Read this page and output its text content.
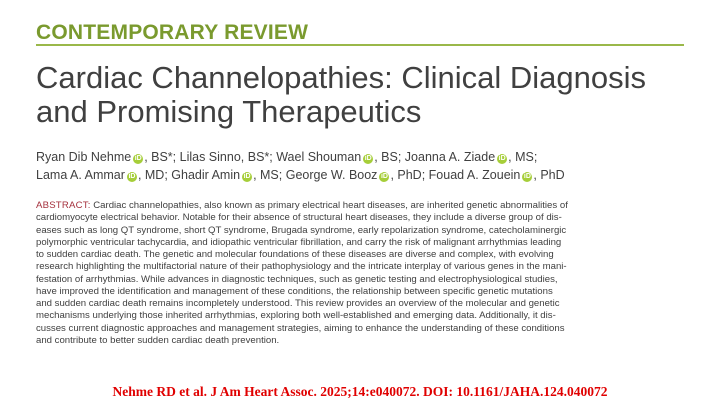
CONTEMPORARY REVIEW
Cardiac Channelopathies: Clinical Diagnosis
and Promising Therapeutics
Ryan Dib Nehme iD , BS*; Lilas Sinno, BS*; Wael Shouman iD , BS; Joanna A. Ziade iD , MS;
Lama A. Ammar iD , MD; Ghadir Amin iD , MS; George W. Booz iD , PhD; Fouad A. Zouein iD , PhD
ABSTRACT: Cardiac channelopathies, also known as primary electrical heart diseases, are inherited genetic abnormalities of
cardiomyocyte electrical behavior. Notable for their absence of structural heart diseases, they include a diverse group of dis-
eases such as long QT syndrome, short QT syndrome, Brugada syndrome, early repolarization syndrome, catecholaminergic
polymorphic ventricular tachycardia, and idiopathic ventricular fibrillation, and carry the risk of malignant arrhythmias leading
to sudden cardiac death. The genetic and molecular foundations of these diseases are diverse and complex, with evolving
research highlighting the multifactorial nature of their pathophysiology and the intricate interplay of various genes in the mani-
festation of arrhythmias. While advances in diagnostic techniques, such as genetic testing and electrophysiological studies,
have improved the identification and management of these conditions, the relationship between specific genetic mutations
and sudden cardiac death remains incompletely understood. This review provides an overview of the molecular and genetic
mechanisms underlying those inherited arrhythmias, exploring both well-established and emerging data. Additionally, it dis-
cusses current diagnostic approaches and management strategies, aiming to enhance the understanding of these conditions
and contribute to better sudden cardiac death prevention.
Nehme RD et al. J Am Heart Assoc. 2025;14:e040072. DOI: 10.1161/JAHA.124.040072
